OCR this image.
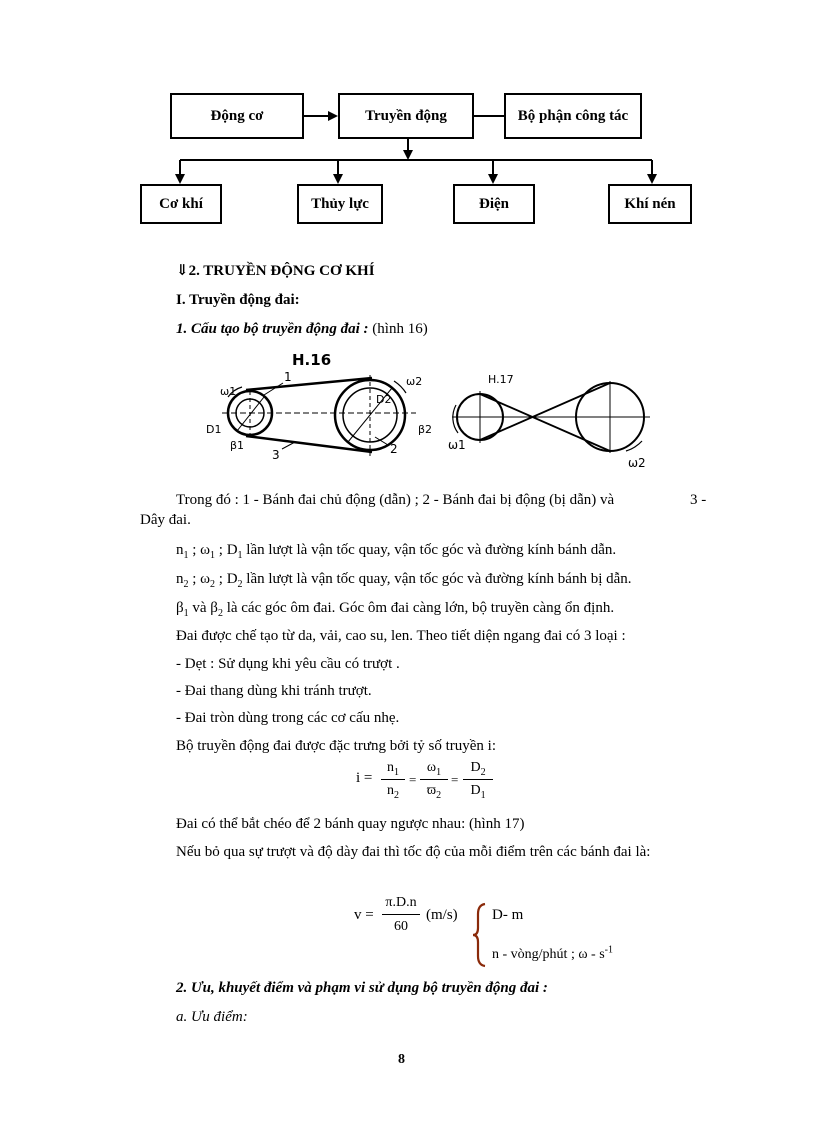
Động cơ	Truyền động	Bộ phận công tác
Cơ khí	Thủy lực	Điện	Khí nén
⇓2. TRUYỀN ĐỘNG CƠ KHÍ
I. Truyền động đai:
1. Cấu tạo bộ truyền động đai : (hình 16)
H.16
1
2
3
ω1
ω2
D1
D2
β1
β2
H.17
ω1
ω2
Trong đó : 1 - Bánh đai chủ động (dẫn) ; 2 - Bánh đai bị động (bị dẫn) và	3 -
Dây đai.
$n_1$ ; $\omega_1$ ; $D_1$ lần lượt là vận tốc quay, vận tốc góc và đường kính bánh dẫn.
$n_2$ ; $\omega_2$ ; $D_2$ lần lượt là vận tốc quay, vận tốc góc và đường kính bánh bị dẫn.
$\beta_1$ và $\beta_2$ là các góc ôm đai. Góc ôm đai càng lớn, bộ truyền càng ổn định.
Đai được chế tạo từ da, vải, cao su, len. Theo tiết diện ngang đai có 3 loại :
- Dẹt : Sử dụng khi yêu cầu có trượt .
- Đai thang dùng khi tránh trượt.
- Đai tròn dùng trong các cơ cấu nhẹ.
Bộ truyền động đai được đặc trưng bởi tỷ số truyền i:
i =
$n_1$
$n_2$
=
$\omega_1$
$ϖ_2$
=
$D_2$
$D_1$
Đai có thể bắt chéo để 2 bánh quay ngược nhau: (hình 17)
Nếu bỏ qua sự trượt và độ dày đai thì tốc độ của mỗi điểm trên các bánh đai là:
v =
π.D.n
60
(m/s) D- m
n - vòng/phút ; ω - $s^{-1}$
2. Ưu, khuyết điểm và phạm vi sử dụng bộ truyền động đai :
a. Ưu điểm:
8
